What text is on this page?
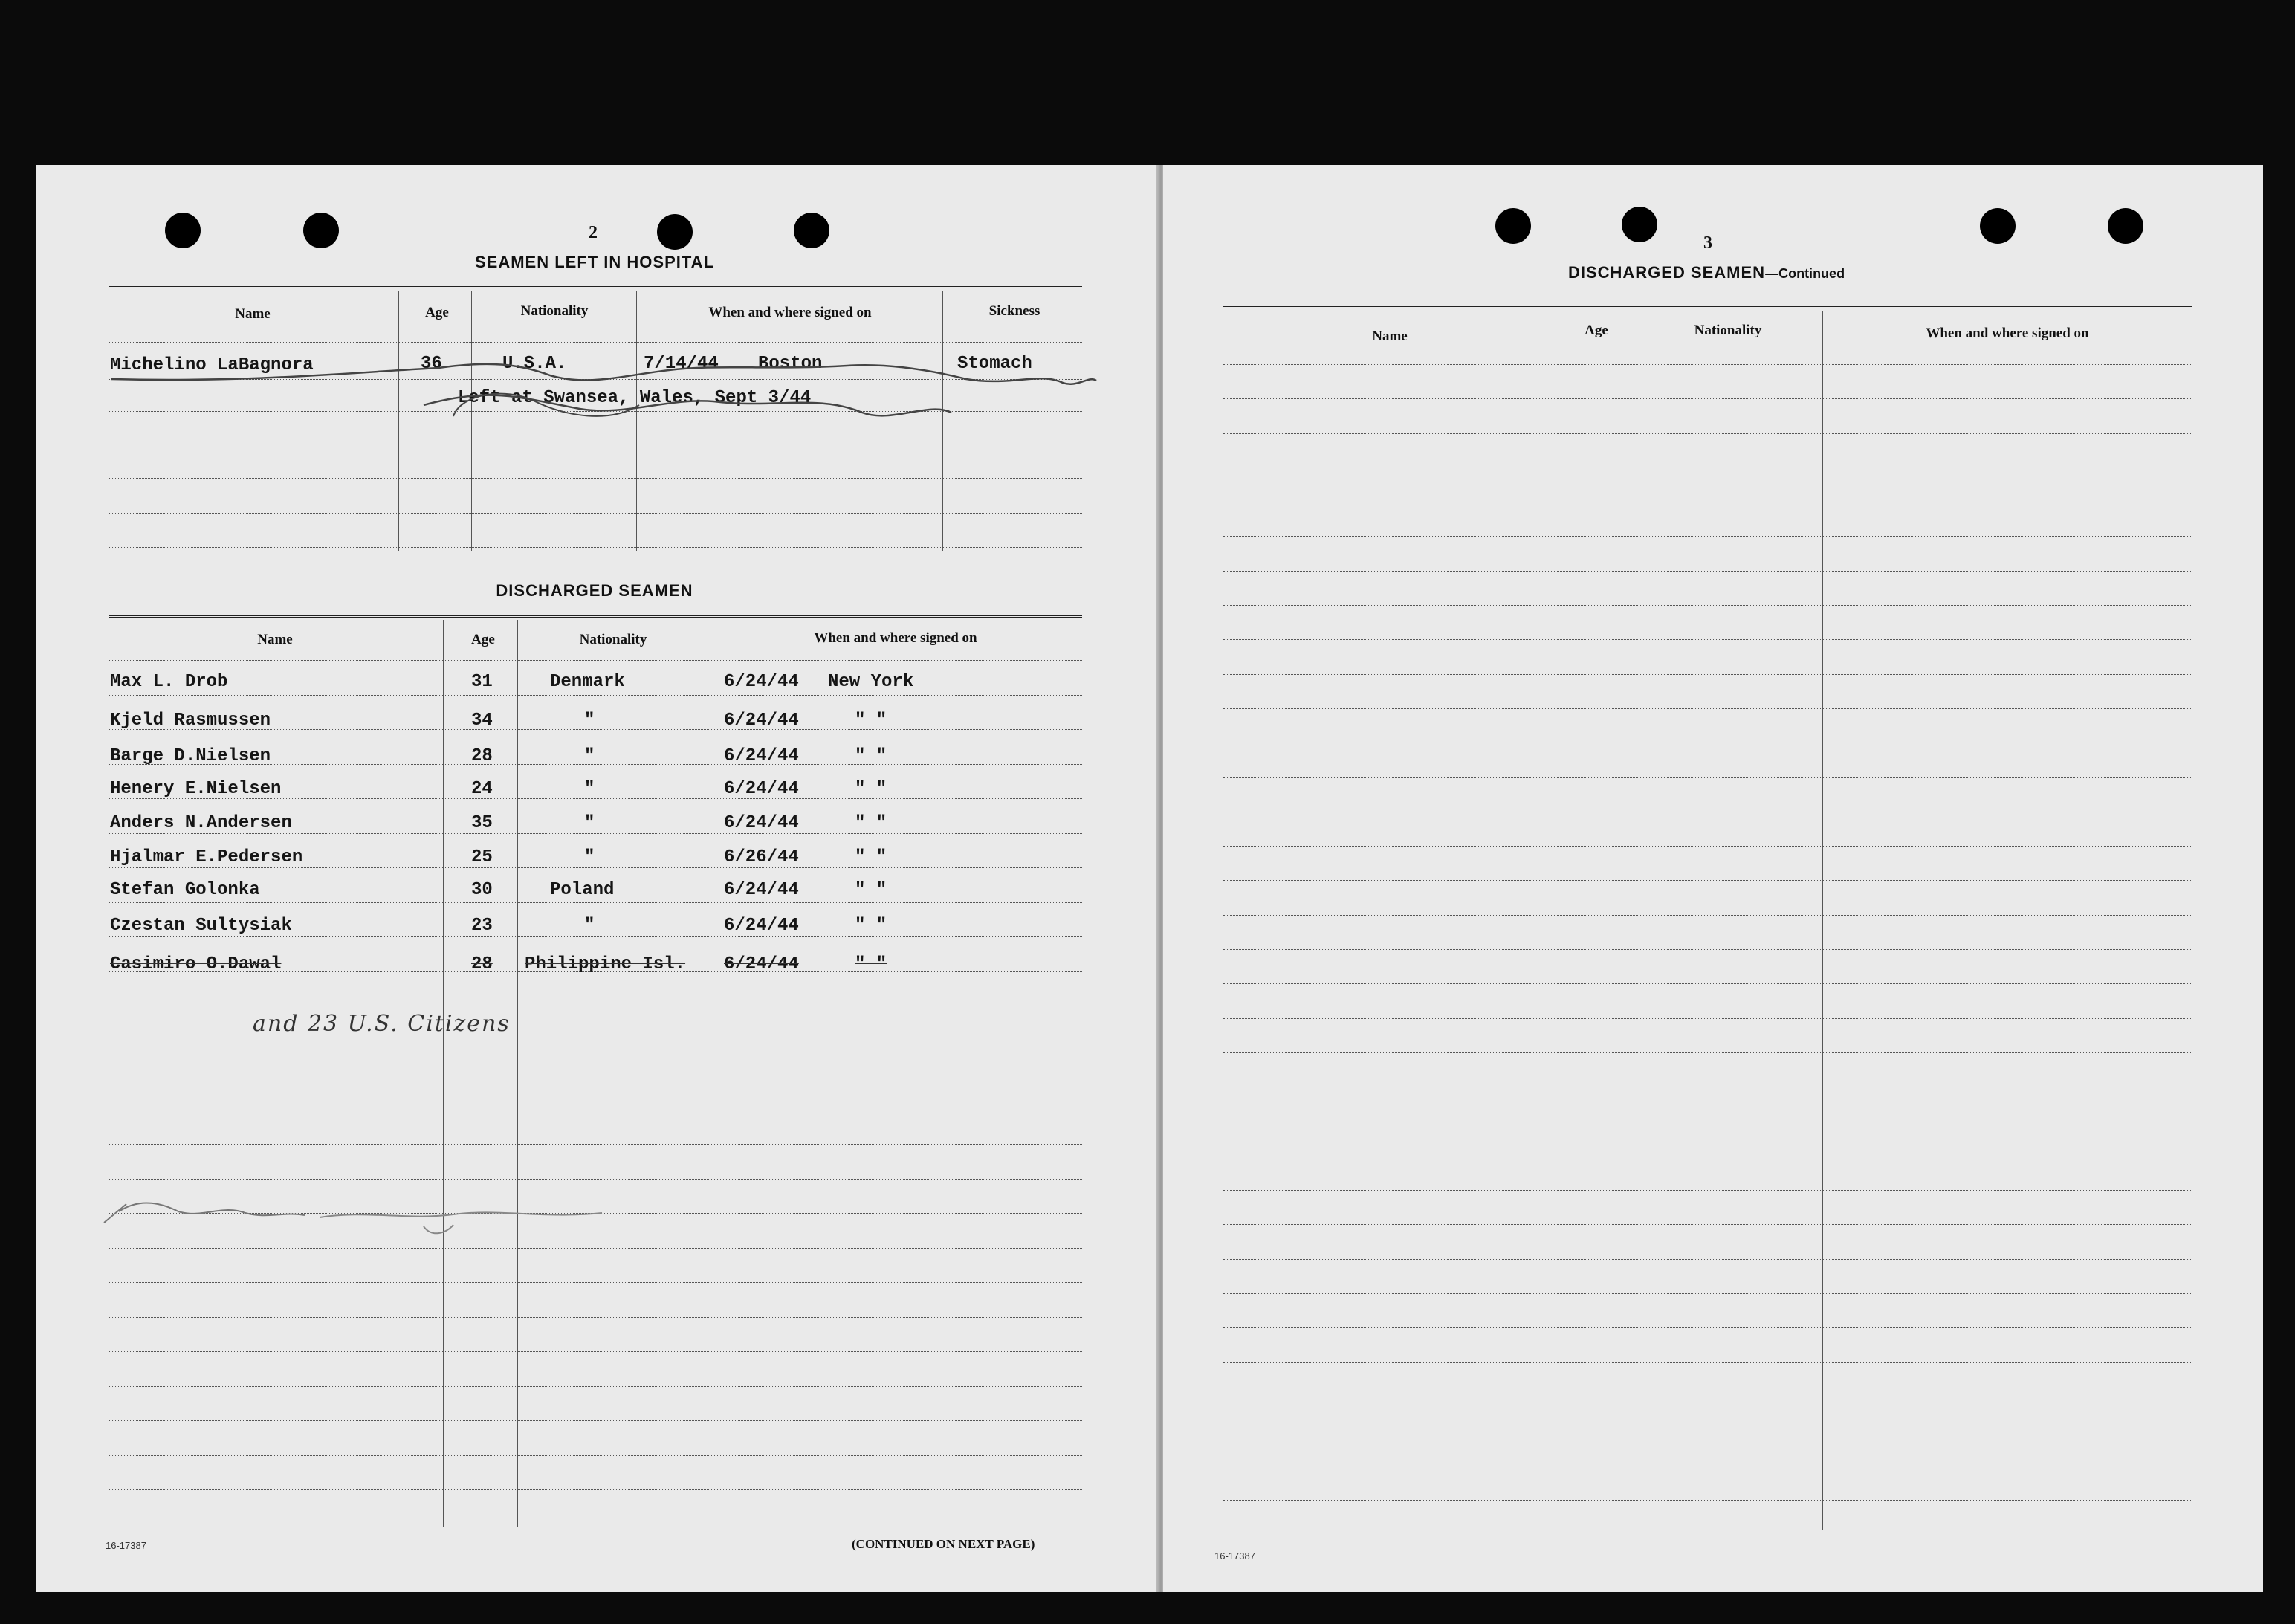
2
SEAMEN LEFT IN HOSPITAL
Name	Age	Nationality	When and where signed on	Sickness
Michelino LaBagnora	36	U.S.A.	7/14/44 Boston	Stomach
Left at Swansea, Wales, Sept 3/44
DISCHARGED SEAMEN
Name	Age	Nationality	When and where signed on
Max L. Drob	31	Denmark	6/24/44 New York
Kjeld Rasmussen	34	"	6/24/44	" "
Barge D.Nielsen	28	"	6/24/44	" "
Henery E.Nielsen	24	"	6/24/44	" "
Anders N.Andersen	35	"	6/24/44	" "
Hjalmar E.Pedersen	25	"	6/26/44	" "
Stefan Golonka	30	Poland	6/24/44	" "
Czestan Sultysiak	23	"	6/24/44	" "
Casimiro O.Dawal	28 Philippine Isl. 6/24/44	" "
and 23 U.S. Citizens
16-17387	(CONTINUED ON NEXT PAGE)
3
DISCHARGED SEAMEN—Continued
Name	Age	Nationality	When and where signed on
16-17387
